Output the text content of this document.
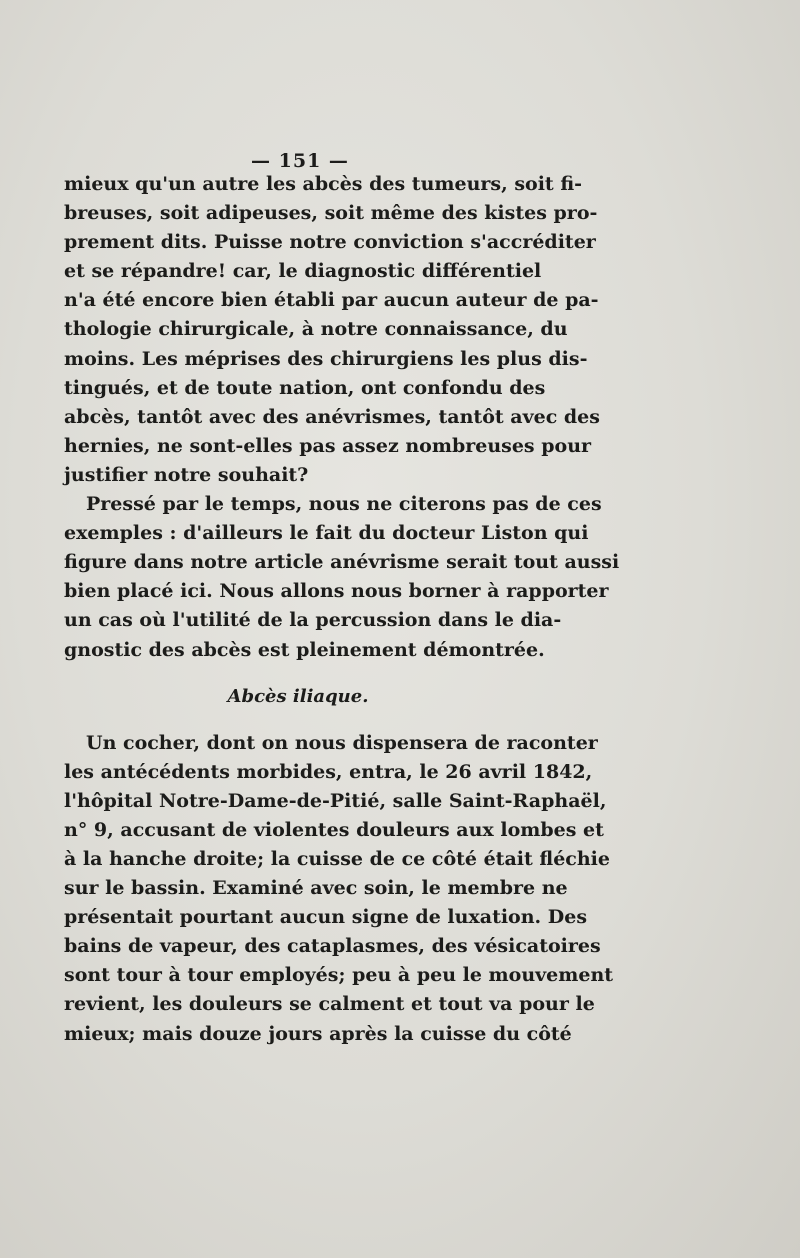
— 151 —
mieux qu'un autre les abcès des tumeurs, soit fi-
breuses, soit adipeuses, soit même des kistes pro-
prement dits. Puisse notre conviction s'accréditer
et se répandre! car, le diagnostic différentiel
n'a été encore bien établi par aucun auteur de pa-
thologie chirurgicale, à notre connaissance, du
moins. Les méprises des chirurgiens les plus dis-
tingués, et de toute nation, ont confondu des
abcès, tantôt avec des anévrismes, tantôt avec des
hernies, ne sont-elles pas assez nombreuses pour
justifier notre souhait?
Pressé par le temps, nous ne citerons pas de ces
exemples : d'ailleurs le fait du docteur Liston qui
figure dans notre article anévrisme serait tout aussi
bien placé ici. Nous allons nous borner à rapporter
un cas où l'utilité de la percussion dans le dia-
gnostic des abcès est pleinement démontrée.
Abcès iliaque.
Un cocher, dont on nous dispensera de raconter
les antécédents morbides, entra, le 26 avril 1842,
l'hôpital Notre-Dame-de-Pitié, salle Saint-Raphaël,
n° 9, accusant de violentes douleurs aux lombes et
à la hanche droite; la cuisse de ce côté était fléchie
sur le bassin. Examiné avec soin, le membre ne
présentait pourtant aucun signe de luxation. Des
bains de vapeur, des cataplasmes, des vésicatoires
sont tour à tour employés; peu à peu le mouvement
revient, les douleurs se calment et tout va pour le
mieux; mais douze jours après la cuisse du côté
